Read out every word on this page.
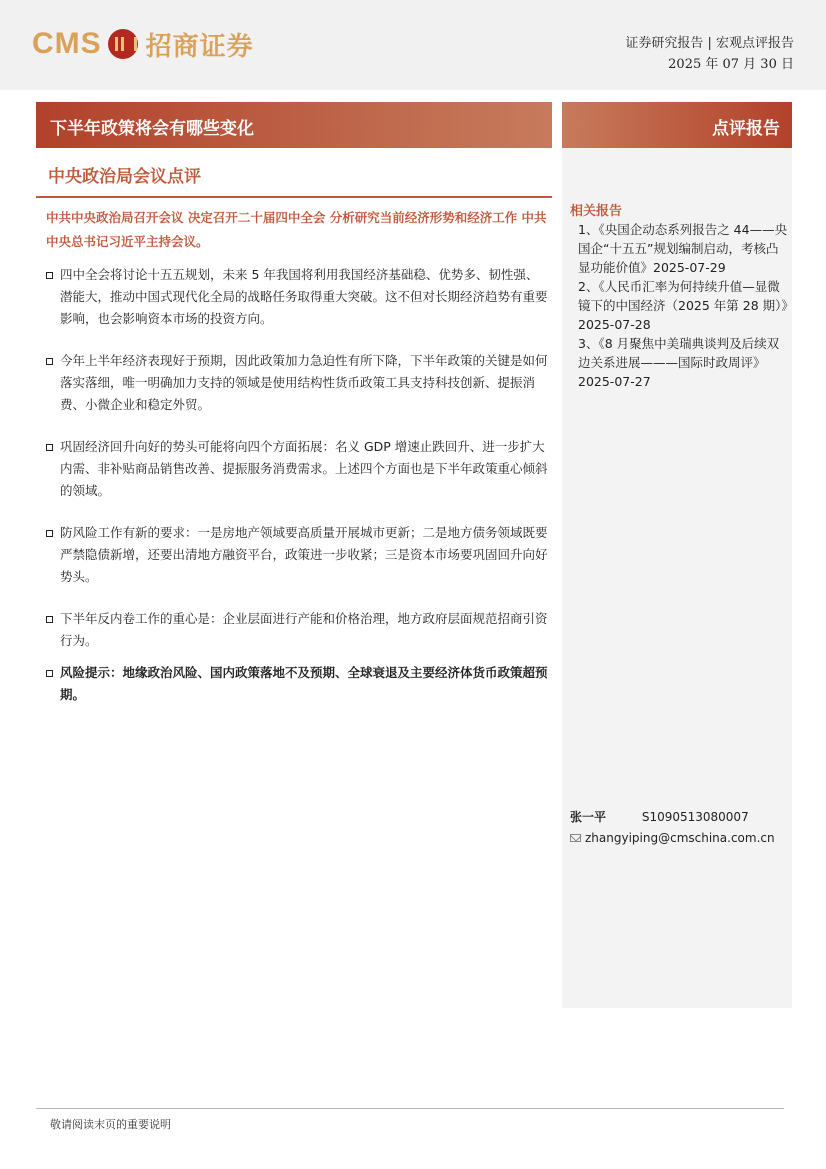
CMS 招商证券	证券研究报告 | 宏观点评报告
2025 年 07 月 30 日
下半年政策将会有哪些变化	点评报告
中央政治局会议点评
中共中央政治局召开会议 决定召开二十届四中全会 分析研究当前经济形势和经济工作 中共中央总书记习近平主持会议。
四中全会将讨论十五五规划，未来 5 年我国将利用我国经济基础稳、优势多、韧性强、潜能大，推动中国式现代化全局的战略任务取得重大突破。这不但对长期经济趋势有重要影响，也会影响资本市场的投资方向。
今年上半年经济表现好于预期，因此政策加力急迫性有所下降，下半年政策的关键是如何落实落细，唯一明确加力支持的领域是使用结构性货币政策工具支持科技创新、提振消费、小微企业和稳定外贸。
巩固经济回升向好的势头可能将向四个方面拓展：名义 GDP 增速止跌回升、进一步扩大内需、非补贴商品销售改善、提振服务消费需求。上述四个方面也是下半年政策重心倾斜的领域。
防风险工作有新的要求：一是房地产领域要高质量开展城市更新；二是地方债务领域既要严禁隐债新增，还要出清地方融资平台，政策进一步收紧；三是资本市场要巩固回升向好势头。
下半年反内卷工作的重心是：企业层面进行产能和价格治理，地方政府层面规范招商引资行为。
风险提示：地缘政治风险、国内政策落地不及预期、全球衰退及主要经济体货币政策超预期。
相关报告
1、《央国企动态系列报告之 44——央国企“十五五”规划编制启动，考核凸显功能价值》2025-07-29
2、《人民币汇率为何持续升值—显微镜下的中国经济（2025 年第 28 期）》2025-07-28
3、《8 月聚焦中美瑞典谈判及后续双边关系进展———国际时政周评》2025-07-27
张一平	S1090513080007
zhangyiping@cmschina.com.cn
敬请阅读末页的重要说明
